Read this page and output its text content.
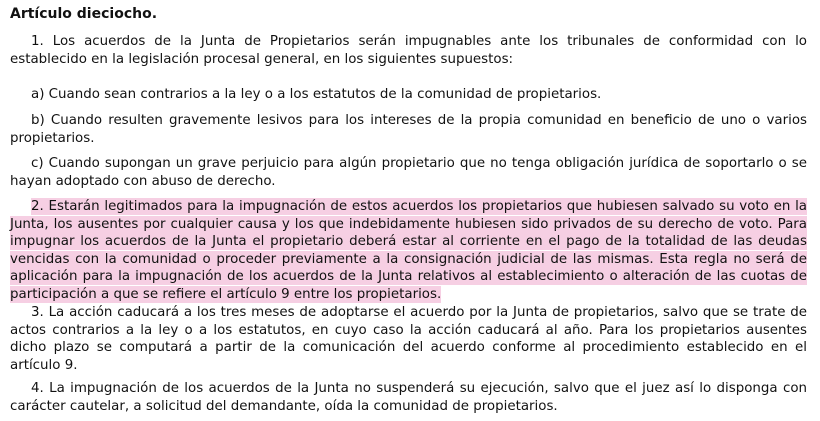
Artículo dieciocho.

1. Los acuerdos de la Junta de Propietarios serán impugnables ante los tribunales de conformidad con lo establecido en la legislación procesal general, en los siguientes supuestos:

a) Cuando sean contrarios a la ley o a los estatutos de la comunidad de propietarios.

b) Cuando resulten gravemente lesivos para los intereses de la propia comunidad en beneficio de uno o varios propietarios.

c) Cuando supongan un grave perjuicio para algún propietario que no tenga obligación jurídica de soportarlo o se hayan adoptado con abuso de derecho.

2. Estarán legitimados para la impugnación de estos acuerdos los propietarios que hubiesen salvado su voto en la Junta, los ausentes por cualquier causa y los que indebidamente hubiesen sido privados de su derecho de voto. Para impugnar los acuerdos de la Junta el propietario deberá estar al corriente en el pago de la totalidad de las deudas vencidas con la comunidad o proceder previamente a la consignación judicial de las mismas. Esta regla no será de aplicación para la impugnación de los acuerdos de la Junta relativos al establecimiento o alteración de las cuotas de participación a que se refiere el artículo 9 entre los propietarios.

3. La acción caducará a los tres meses de adoptarse el acuerdo por la Junta de propietarios, salvo que se trate de actos contrarios a la ley o a los estatutos, en cuyo caso la acción caducará al año. Para los propietarios ausentes dicho plazo se computará a partir de la comunicación del acuerdo conforme al procedimiento establecido en el artículo 9.

4. La impugnación de los acuerdos de la Junta no suspenderá su ejecución, salvo que el juez así lo disponga con carácter cautelar, a solicitud del demandante, oída la comunidad de propietarios.
